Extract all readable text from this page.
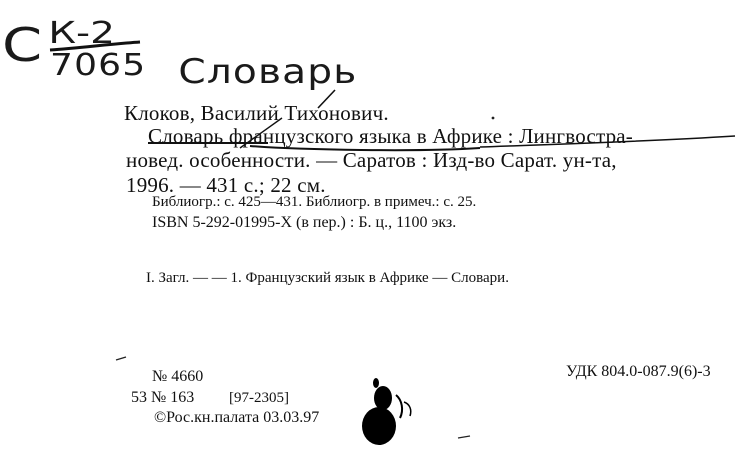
С К-2
7065 Словарь
Клоков, Василий Тихонович.
Словарь французского языка в Африке : Лингвостра-
новед. особенности. — Саратов : Изд-во Сарат. ун-та,
1996. — 431 с.; 22 см.
Библиогр.: с. 425—431. Библиогр. в примеч.: с. 25.
ISBN 5-292-01995-X (в пер.) : Б. ц., 1100 экз.
I. Загл. — — 1. Французский язык в Африке — Словари.
№ 4660
53 № 163 [97-2305]
©Рос.кн.палата 03.03.97
УДК 804.0-087.9(6)-3
